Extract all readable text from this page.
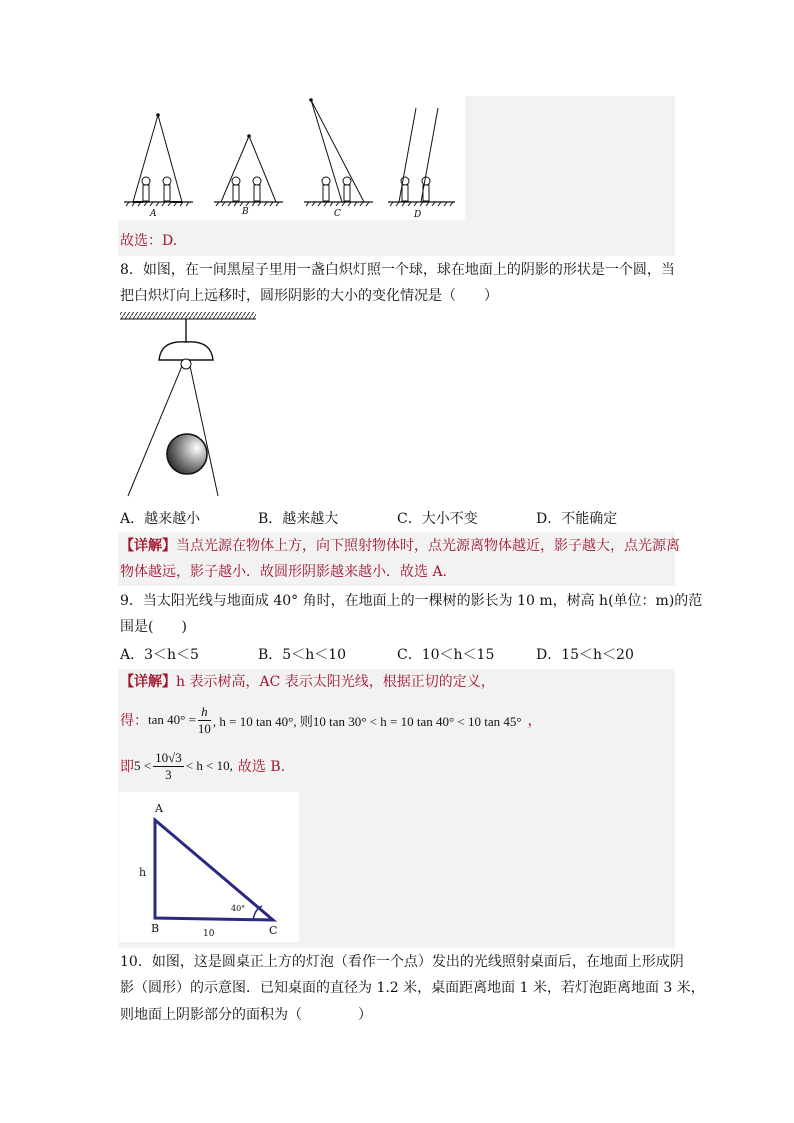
A	B	C	D
故选：D.
8．如图，在一间黑屋子里用一盏白炽灯照一个球，球在地面上的阴影的形状是一个圆，当
把白炽灯向上远移时，圆形阴影的大小的变化情况是（　　）
A．越来越小	B．越来越大	C．大小不变	D．不能确定
【详解】当点光源在物体上方，向下照射物体时，点光源离物体越近，影子越大，点光源离
物体越远，影子越小．故圆形阴影越来越小．故选 A.
9．当太阳光线与地面成 40° 角时，在地面上的一棵树的影长为 10 m，树高 h(单位：m)的范
围是(　　)
A．3＜h＜5	B．5＜h＜10	C．10＜h＜15	D．15＜h＜20
【详解】h 表示树高，AC 表示太阳光线，根据正切的定义，
得： $\tan 40^\circ = \frac{h}{10}$ , h = 10 tan 40°, 则10 tan 30° < h = 10 tan 40° < 10 tan 45° ，
即 $5 < \frac{10√3}{3} < h < 10$, 故选 B.
A
B	C
h
10
40°
10．如图，这是圆桌正上方的灯泡（看作一个点）发出的光线照射桌面后，在地面上形成阴
影（圆形）的示意图．已知桌面的直径为 1.2 米，桌面距离地面 1 米，若灯泡距离地面 3 米，
则地面上阴影部分的面积为（　　　　）
